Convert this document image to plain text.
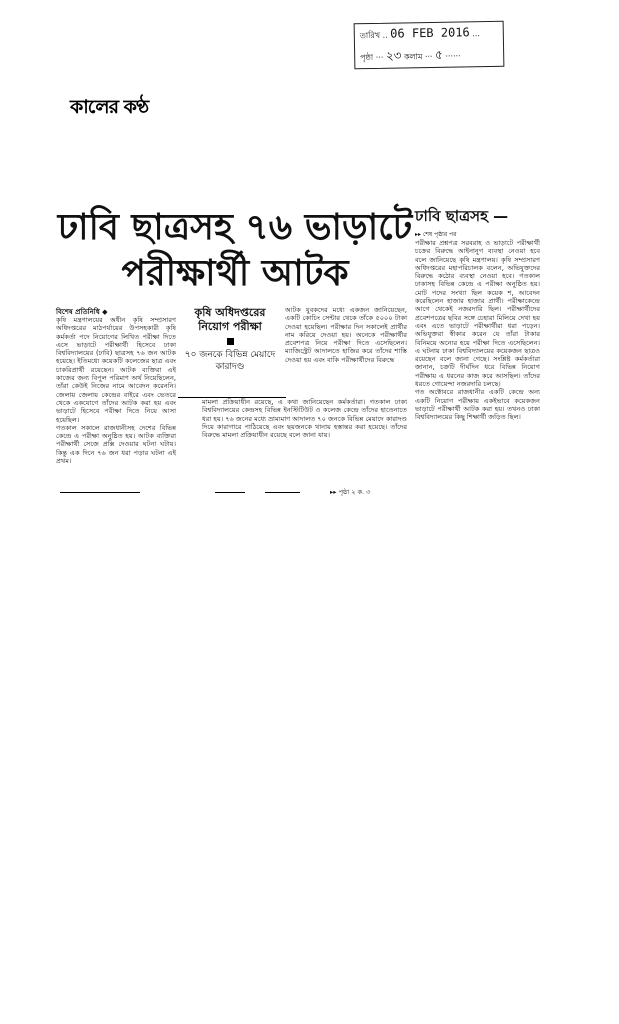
কালের কণ্ঠ
তারিখ .. 06 FEB 2016 ...
পৃষ্ঠা ··· ২৩ কলাম ··· ৫ ······
ঢাবি ছাত্রসহ ৭৬ ভাড়াটে
পরীক্ষার্থী আটক
বিশেষ প্রতিনিধি ◆
কৃষি মন্ত্রণালয়ের অধীন কৃষি সম্প্রসারণ অধিদপ্তরের মাঠপর্যায়ের উপসহকারী কৃষি কর্মকর্তা পদে নিয়োগের লিখিত পরীক্ষা দিতে এসে ভাড়াটে পরীক্ষার্থী হিসেবে ঢাকা বিশ্ববিদ্যালয়ের (ঢাবি) ছাত্রসহ ৭৬ জন আটক হয়েছে। ইতিমধ্যে কয়েকটি কলেজের ছাত্র এবং চাকরিপ্রার্থী রয়েছেন। আটক ব্যক্তিরা এই কাজের জন্য বিপুল পরিমাণ অর্থ নিয়েছিলেন, তাঁরা কেউই নিজের নামে আবেদন করেননি। জেলায় জেলায় কেন্দ্রের বাইরে এবং ভেতরে থেকে একযোগে তাঁদের আটক করা হয় এবং ভাড়াটে হিসেবে পরীক্ষা দিতে নিয়ে আসা হয়েছিল।
গতকাল সকালে রাজধানীসহ দেশের বিভিন্ন কেন্দ্রে এ পরীক্ষা অনুষ্ঠিত হয়। আটক ব্যক্তিরা পরীক্ষার্থী সেজে প্রক্সি দেওয়ার ঘটনা ঘটায়। কিন্তু এক দিনে ৭৬ জন ধরা পড়ার ঘটনা এই প্রথম।
কৃষি অধিদপ্তরের নিয়োগ পরীক্ষা
৭০ জনকে বিভিন্ন মেয়াদে কারাদণ্ড
আটক যুবকদের মধ্যে একজন জানিয়েছেন, একটি কোচিং সেন্টার থেকে তাঁকে ৫০০০ টাকা দেওয়া হয়েছিল। পরীক্ষার দিন সকালেই প্রার্থীর নাম করিয়ে দেওয়া হয়। অনেকে পরীক্ষার্থীর প্রবেশপত্র নিয়ে পরীক্ষা দিতে এসেছিলেন। ম্যাজিস্ট্রেট আদালতে হাজির করে তাঁদের শাস্তি দেওয়া হয় এবং বাকি পরীক্ষার্থীদের বিরুদ্ধে
মামলা প্রক্রিয়াধীন রয়েছে, এ কথা জানিয়েছেন কর্মকর্তারা। গতকাল ঢাকা বিশ্ববিদ্যালয়ের কেন্দ্রসহ বিভিন্ন ইনস্টিটিউট ও কলেজ কেন্দ্রে তাঁদের হাতেনাতে ধরা হয়। ৭৬ জনের মধ্যে ভ্রাম্যমাণ আদালত ৭০ জনকে বিভিন্ন মেয়াদে কারাদণ্ড দিয়ে কারাগারে পাঠিয়েছে এবং ছয়জনকে থানায় হস্তান্তর করা হয়েছে। তাঁদের বিরুদ্ধে মামলা প্রক্রিয়াধীন রয়েছে বলে জানা যায়।
▸▸ পৃষ্ঠা ২ ক. ৩
ঢাবি ছাত্রসহ —
▸▸ শেষ পৃষ্ঠার পর
পরীক্ষার প্রশ্নপত্র সরবরাহ ও ভাড়াটে পরীক্ষার্থী চক্রের বিরুদ্ধে আইনানুগ ব্যবস্থা নেওয়া হবে বলে জানিয়েছে কৃষি মন্ত্রণালয়। কৃষি সম্প্রসারণ অধিদপ্তরের মহাপরিচালক বলেন, অভিযুক্তদের বিরুদ্ধে কঠোর ব্যবস্থা নেওয়া হবে। গতকাল ঢাকাসহ বিভিন্ন কেন্দ্রে এ পরীক্ষা অনুষ্ঠিত হয়। মোট পদের সংখ্যা ছিল কয়েক শ, আবেদন করেছিলেন হাজার হাজার প্রার্থী। পরীক্ষাকেন্দ্রে আগে থেকেই নজরদারি ছিল। পরীক্ষার্থীদের প্রবেশপত্রের ছবির সঙ্গে চেহারা মিলিয়ে দেখা হয় এবং এতে ভাড়াটে পরীক্ষার্থীরা ধরা পড়েন। অভিযুক্তরা স্বীকার করেন যে তাঁরা টাকার বিনিময়ে অন্যের হয়ে পরীক্ষা দিতে এসেছিলেন। এ ঘটনায় ঢাকা বিশ্ববিদ্যালয়ের কয়েকজন ছাত্রও রয়েছেন বলে জানা গেছে। সংশ্লিষ্ট কর্মকর্তারা জানান, চক্রটি দীর্ঘদিন ধরে বিভিন্ন নিয়োগ পরীক্ষায় এ ধরনের কাজ করে আসছিল। তাঁদের ধরতে গোয়েন্দা নজরদারি চলছে।
গত অক্টোবরে রাজধানীর একটি কেন্দ্রে অন্য একটি নিয়োগ পরীক্ষায় একইভাবে কয়েকজন ভাড়াটে পরীক্ষার্থী আটক করা হয়। তখনও ঢাকা বিশ্ববিদ্যালয়ের কিছু শিক্ষার্থী জড়িত ছিল।
